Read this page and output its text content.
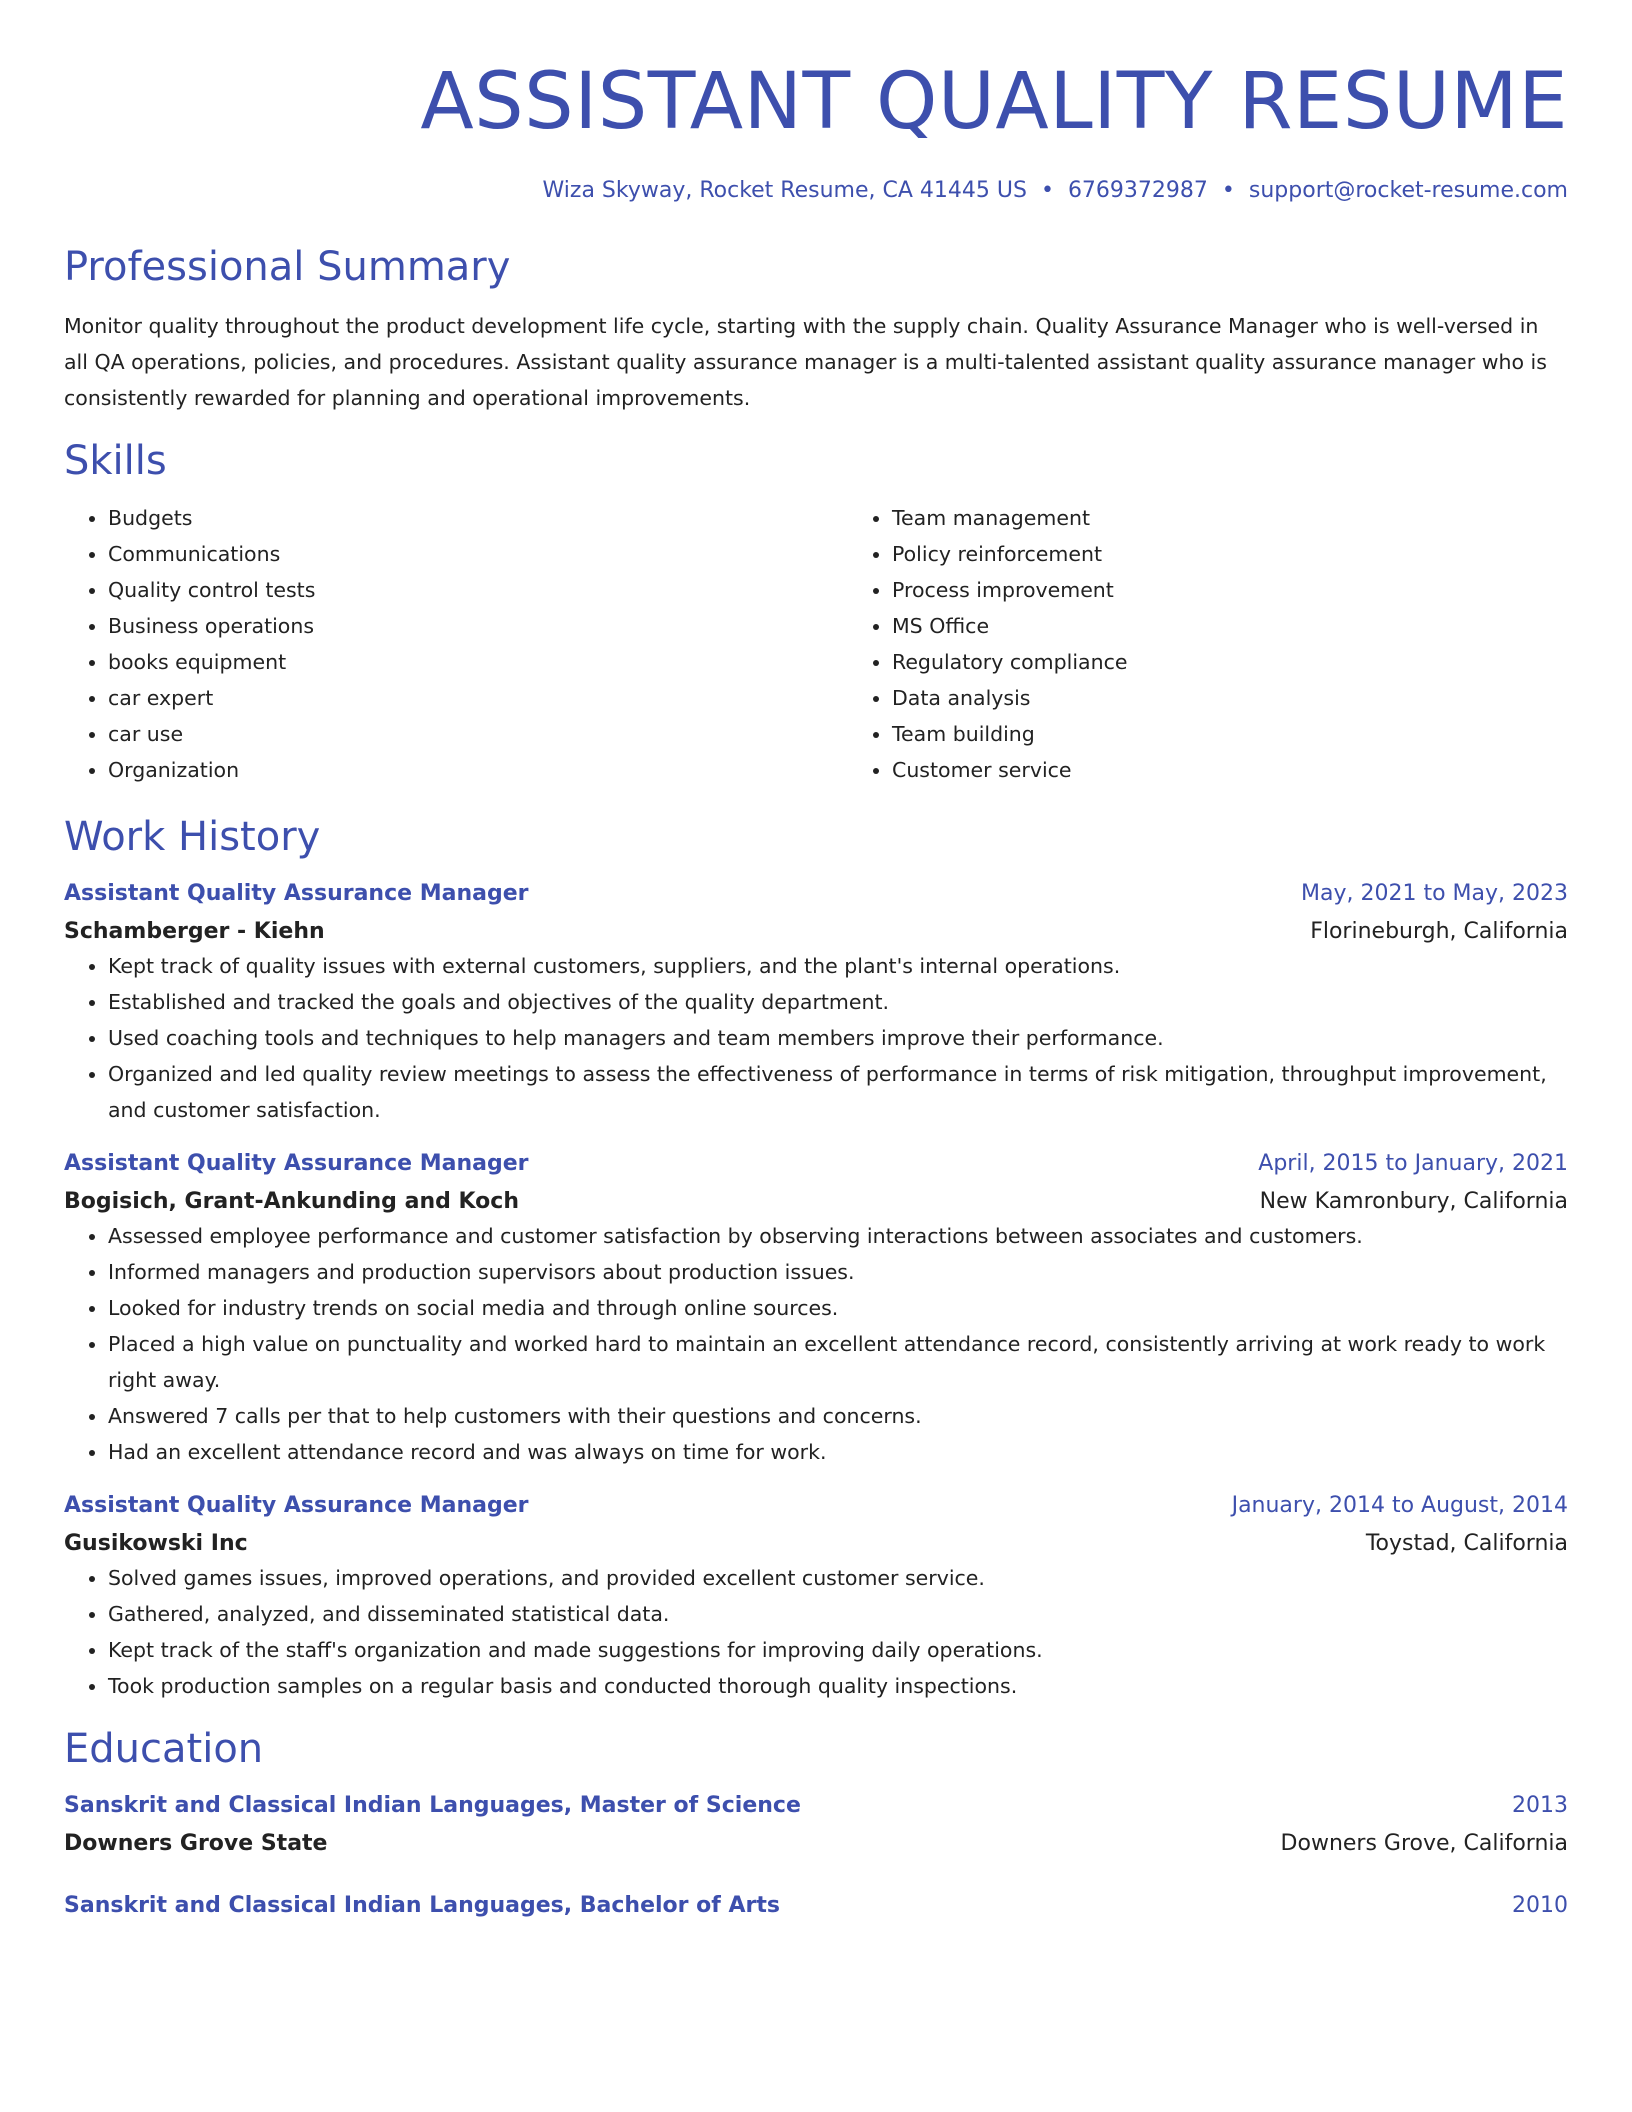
ASSISTANT QUALITY RESUME
Wiza Skyway, Rocket Resume, CA 41445 US • 6769372987 • support@rocket-resume.com
Professional Summary

Monitor quality throughout the product development life cycle, starting with the supply chain. Quality Assurance Manager who is well-versed in all QA operations, policies, and procedures. Assistant quality assurance manager is a multi-talented assistant quality assurance manager who is consistently rewarded for planning and operational improvements.

Skills
• Budgets
• Communications
• Quality control tests
• Business operations
• books equipment
• car expert
• car use
• Organization
• Team management
• Policy reinforcement
• Process improvement
• MS Office
• Regulatory compliance
• Data analysis
• Team building
• Customer service
Work History
Assistant Quality Assurance Manager	May, 2021 to May, 2023
Schamberger - Kiehn	Florineburgh, California
• Kept track of quality issues with external customers, suppliers, and the plant's internal operations.
• Established and tracked the goals and objectives of the quality department.
• Used coaching tools and techniques to help managers and team members improve their performance.
• Organized and led quality review meetings to assess the effectiveness of performance in terms of risk mitigation, throughput improvement, and customer satisfaction.
Assistant Quality Assurance Manager	April, 2015 to January, 2021
Bogisich, Grant-Ankunding and Koch	New Kamronbury, California
• Assessed employee performance and customer satisfaction by observing interactions between associates and customers.
• Informed managers and production supervisors about production issues.
• Looked for industry trends on social media and through online sources.
• Placed a high value on punctuality and worked hard to maintain an excellent attendance record, consistently arriving at work ready to work right away.
• Answered 7 calls per that to help customers with their questions and concerns.
• Had an excellent attendance record and was always on time for work.
Assistant Quality Assurance Manager	January, 2014 to August, 2014
Gusikowski Inc	Toystad, California
• Solved games issues, improved operations, and provided excellent customer service.
• Gathered, analyzed, and disseminated statistical data.
• Kept track of the staff's organization and made suggestions for improving daily operations.
• Took production samples on a regular basis and conducted thorough quality inspections.
Education
Sanskrit and Classical Indian Languages, Master of Science	2013
Downers Grove State	Downers Grove, California
Sanskrit and Classical Indian Languages, Bachelor of Arts	2010
